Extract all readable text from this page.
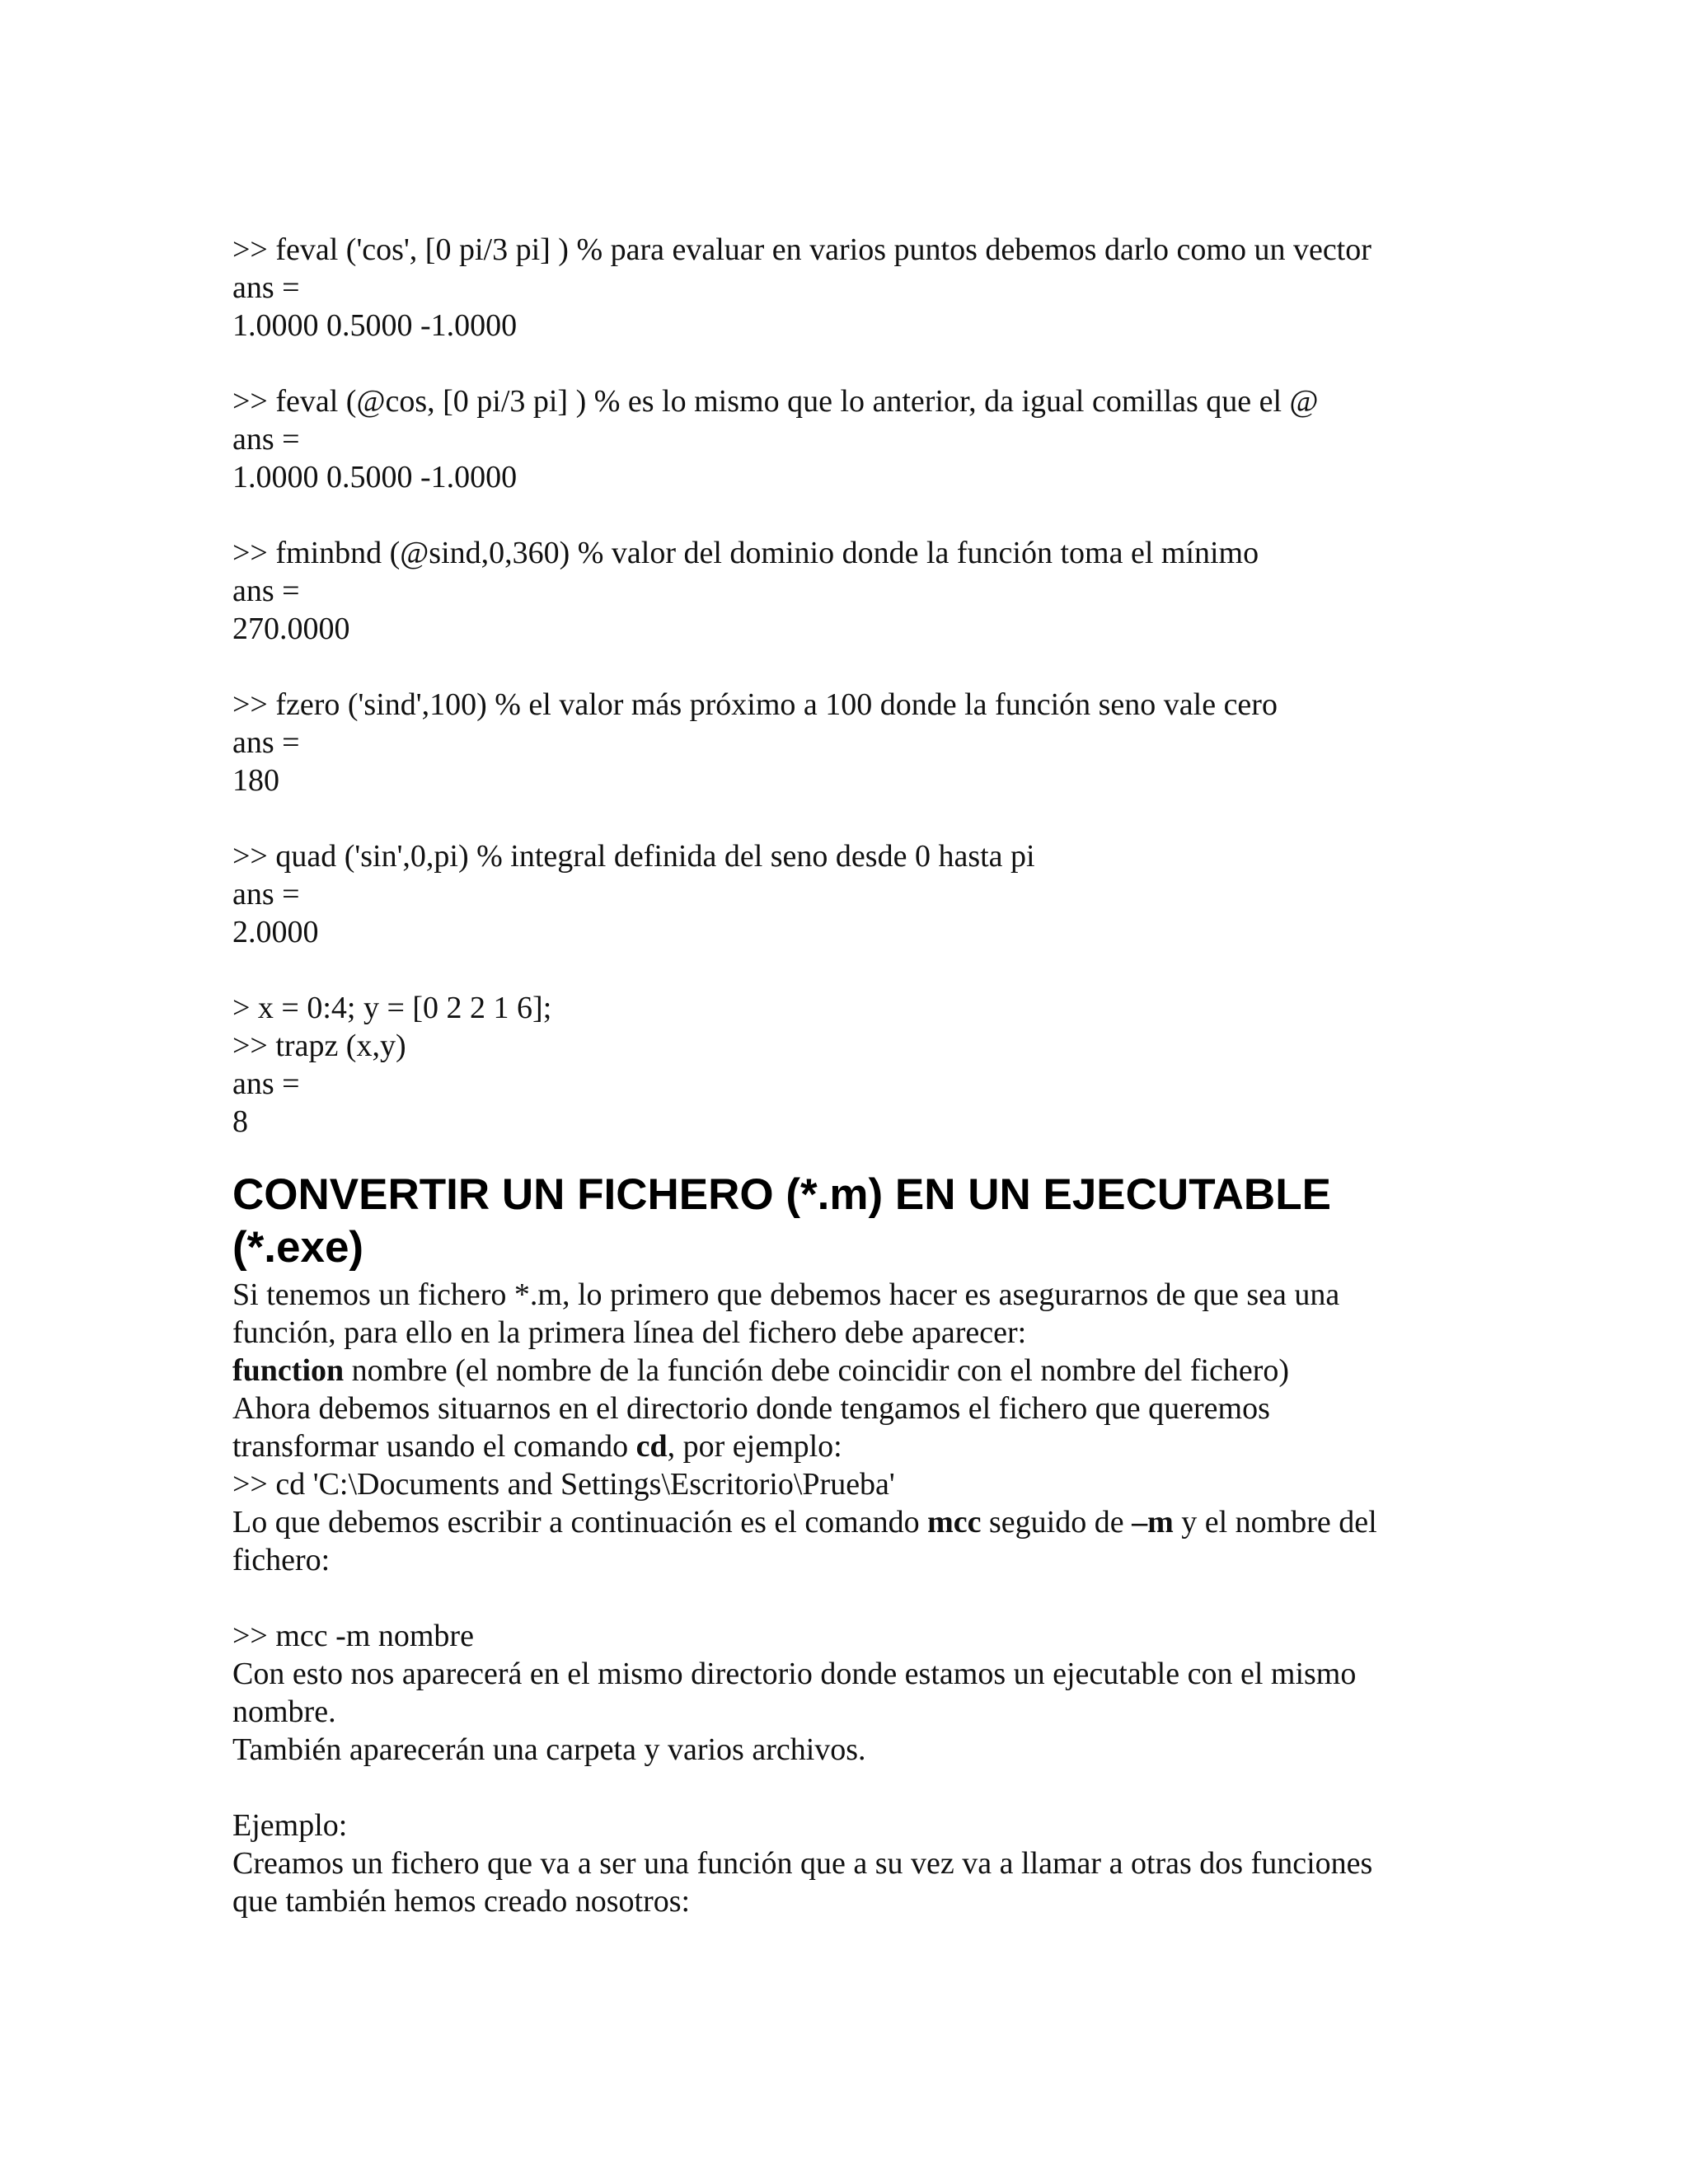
>> feval ('cos', [0 pi/3 pi] ) % para evaluar en varios puntos debemos darlo como un vector
ans =
1.0000 0.5000 -1.0000
>> feval (@cos, [0 pi/3 pi] ) % es lo mismo que lo anterior, da igual comillas que el @
ans =
1.0000 0.5000 -1.0000
>> fminbnd (@sind,0,360) % valor del dominio donde la función toma el mínimo
ans =
270.0000
>> fzero ('sind',100) % el valor más próximo a 100 donde la función seno vale cero
ans =
180
>> quad ('sin',0,pi) % integral definida del seno desde 0 hasta pi
ans =
2.0000
> x = 0:4; y = [0 2 2 1 6];
>> trapz (x,y)
ans =
8
CONVERTIR UN FICHERO (*.m) EN UN EJECUTABLE (*.exe)
Si tenemos un fichero *.m, lo primero que debemos hacer es asegurarnos de que sea una
función, para ello en la primera línea del fichero debe aparecer:
function nombre (el nombre de la función debe coincidir con el nombre del fichero)
Ahora debemos situarnos en el directorio donde tengamos el fichero que queremos
transformar usando el comando cd, por ejemplo:
>> cd 'C:\Documents and Settings\Escritorio\Prueba'
Lo que debemos escribir a continuación es el comando mcc seguido de –m y el nombre del
fichero:
>> mcc -m nombre
Con esto nos aparecerá en el mismo directorio donde estamos un ejecutable con el mismo
nombre.
También aparecerán una carpeta y varios archivos.
Ejemplo:
Creamos un fichero que va a ser una función que a su vez va a llamar a otras dos funciones
que también hemos creado nosotros:
